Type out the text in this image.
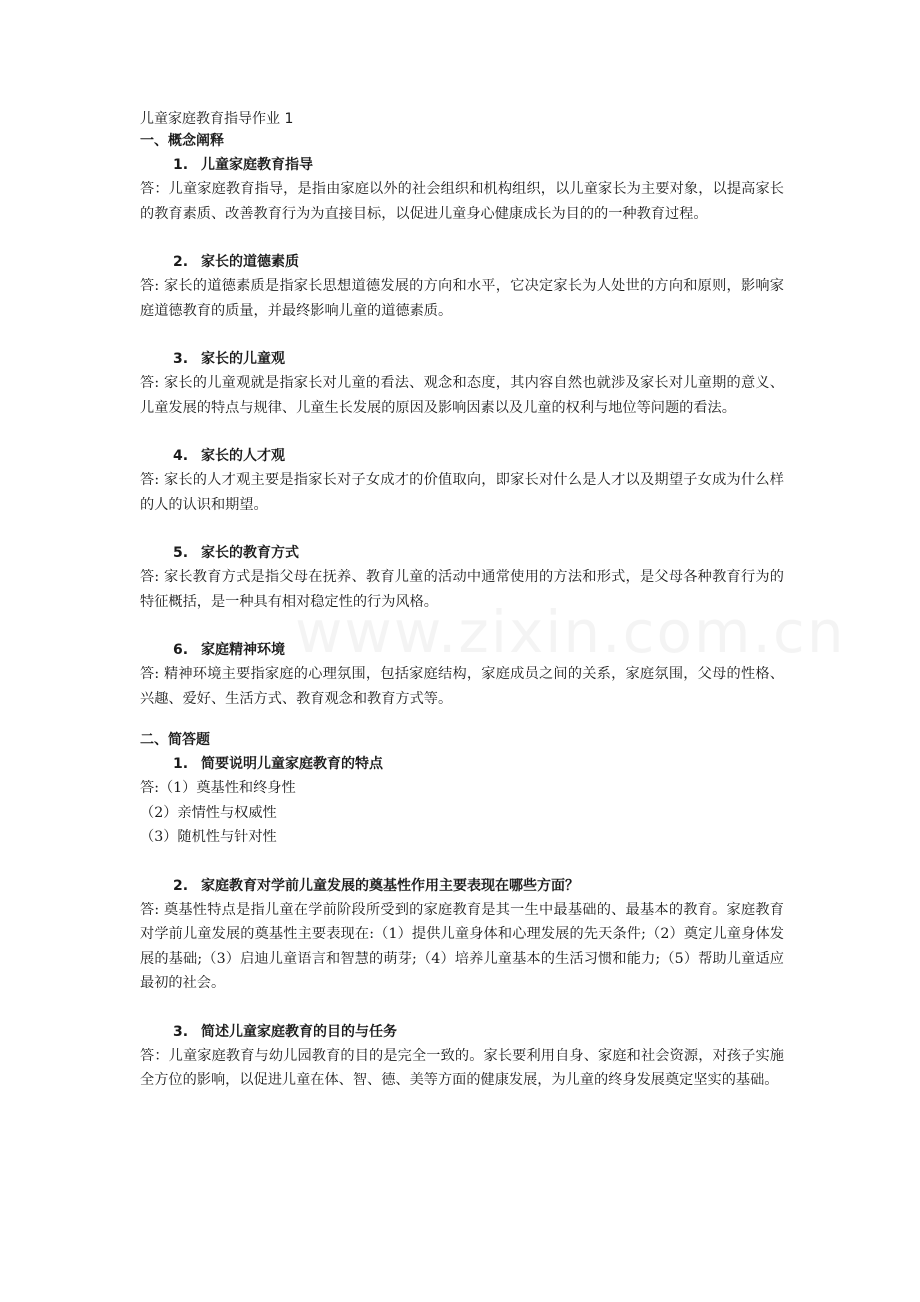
儿童家庭教育指导作业 1
一、概念阐释
1. 儿童家庭教育指导
答：儿童家庭教育指导，是指由家庭以外的社会组织和机构组织，以儿童家长为主要对象，以提高家长的教育素质、改善教育行为为直接目标，以促进儿童身心健康成长为目的的一种教育过程。
2. 家长的道德素质
答: 家长的道德素质是指家长思想道德发展的方向和水平，它决定家长为人处世的方向和原则，影响家庭道德教育的质量，并最终影响儿童的道德素质。
3. 家长的儿童观
答: 家长的儿童观就是指家长对儿童的看法、观念和态度，其内容自然也就涉及家长对儿童期的意义、儿童发展的特点与规律、儿童生长发展的原因及影响因素以及儿童的权利与地位等问题的看法。
4. 家长的人才观
答: 家长的人才观主要是指家长对子女成才的价值取向，即家长对什么是人才以及期望子女成为什么样的人的认识和期望。
5. 家长的教育方式
答: 家长教育方式是指父母在抚养、教育儿童的活动中通常使用的方法和形式，是父母各种教育行为的特征概括，是一种具有相对稳定性的行为风格。
6. 家庭精神环境
答: 精神环境主要指家庭的心理氛围，包括家庭结构，家庭成员之间的关系，家庭氛围，父母的性格、兴趣、爱好、生活方式、教育观念和教育方式等。
二、简答题
1. 简要说明儿童家庭教育的特点
答:（1）奠基性和终身性
（2）亲情性与权威性
（3）随机性与针对性
2. 家庭教育对学前儿童发展的奠基性作用主要表现在哪些方面？
答: 奠基性特点是指儿童在学前阶段所受到的家庭教育是其一生中最基础的、最基本的教育。家庭教育对学前儿童发展的奠基性主要表现在:（1）提供儿童身体和心理发展的先天条件;（2）奠定儿童身体发展的基础;（3）启迪儿童语言和智慧的萌芽;（4）培养儿童基本的生活习惯和能力;（5）帮助儿童适应最初的社会。
3. 简述儿童家庭教育的目的与任务
答：儿童家庭教育与幼儿园教育的目的是完全一致的。家长要利用自身、家庭和社会资源，对孩子实施全方位的影响，以促进儿童在体、智、德、美等方面的健康发展，为儿童的终身发展奠定坚实的基础。
